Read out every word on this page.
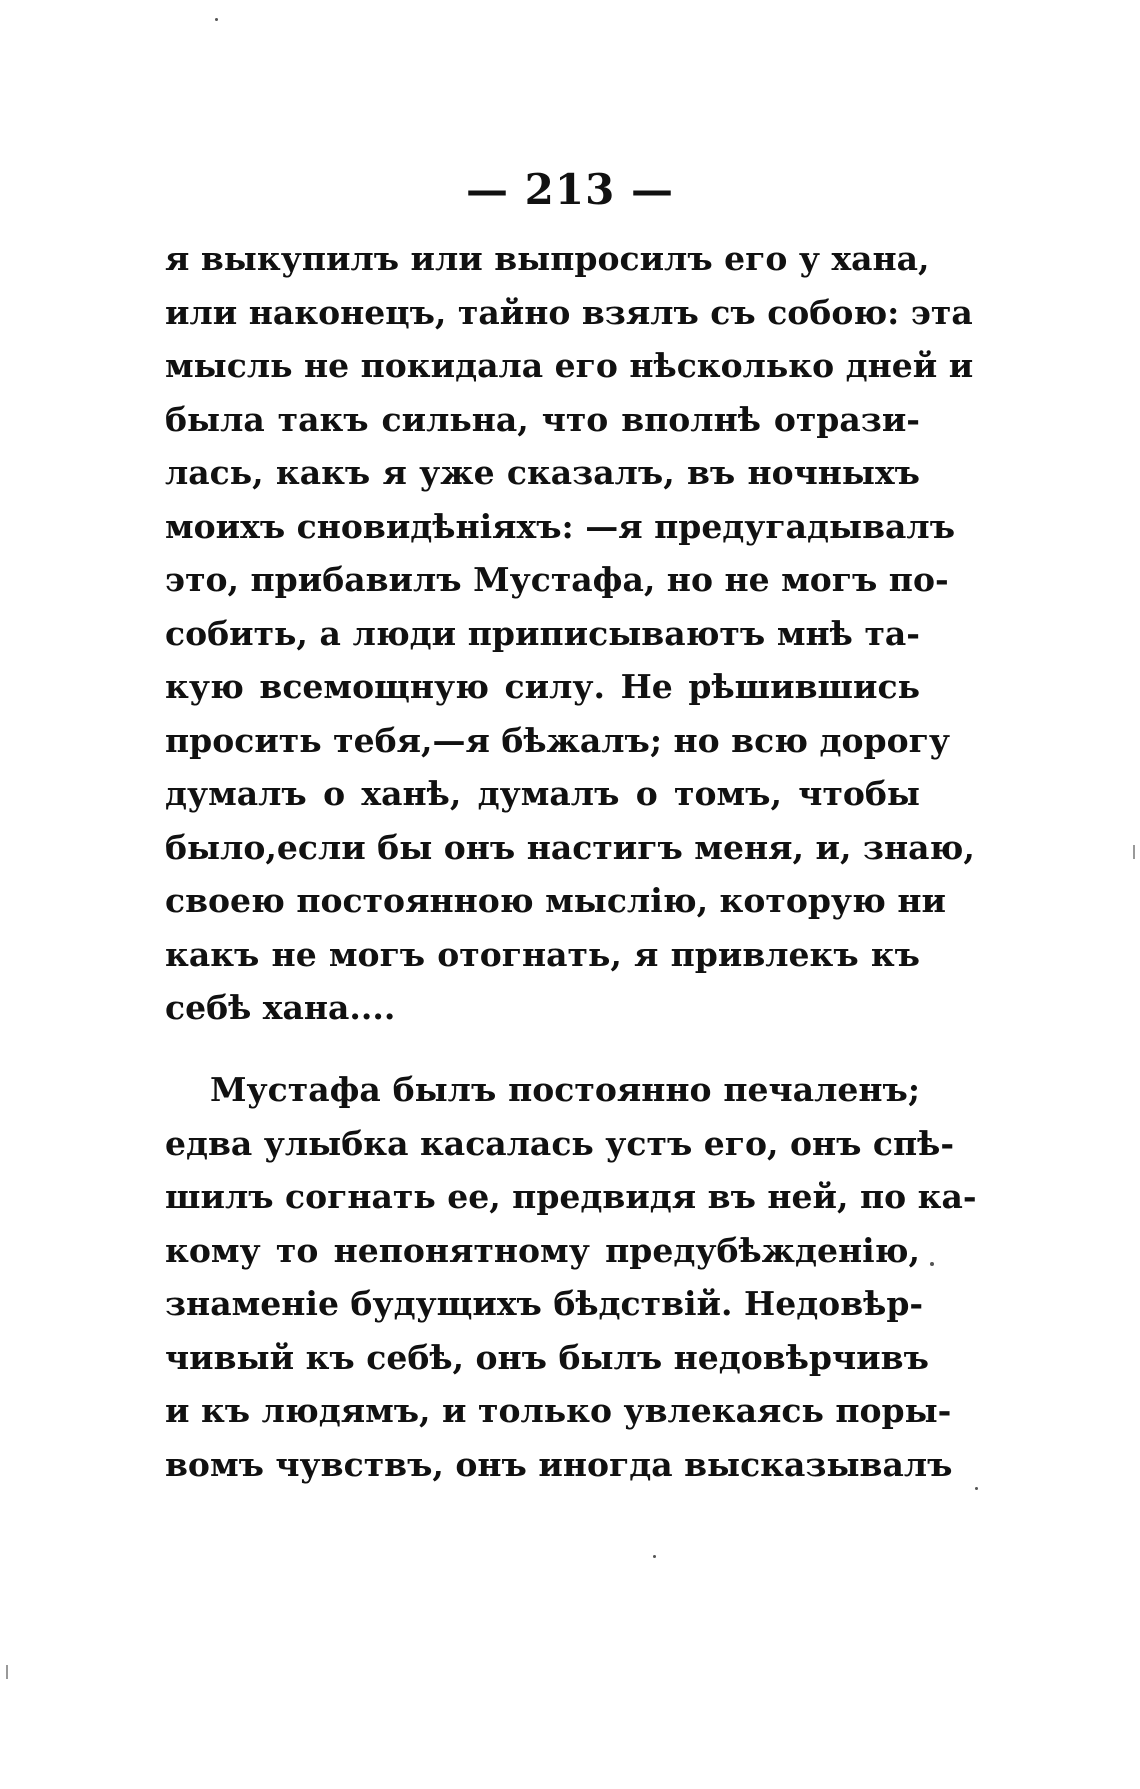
— 213 —
я выкупилъ или выпросилъ его у хана,
или наконецъ, тайно взялъ съ собою: эта
мысль не покидала его нѣсколько дней и
была такъ сильна, что вполнѣ отрази-
лась, какъ я уже сказалъ, въ ночныхъ
моихъ сновидѣніяхъ: —я предугадывалъ
это, прибавилъ Мустафа, но не могъ по-
собить, а люди приписываютъ мнѣ та-
кую всемощную силу. Не рѣшившись
просить тебя,—я бѣжалъ; но всю дорогу
думалъ о ханѣ, думалъ о томъ, чтобы
было,если бы онъ настигъ меня, и, знаю,
своею постоянною мыслію, которую ни
какъ не могъ отогнать, я привлекъ къ
себѣ хана....
Мустафа былъ постоянно печаленъ;
едва улыбка касалась устъ его, онъ спѣ-
шилъ согнать ее, предвидя въ ней, по ка-
кому то непонятному предубѣжденію,
знаменіе будущихъ бѣдствій. Недовѣр-
чивый къ себѣ, онъ былъ недовѣрчивъ
и къ людямъ, и только увлекаясь поры-
вомъ чувствъ, онъ иногда высказывалъ
